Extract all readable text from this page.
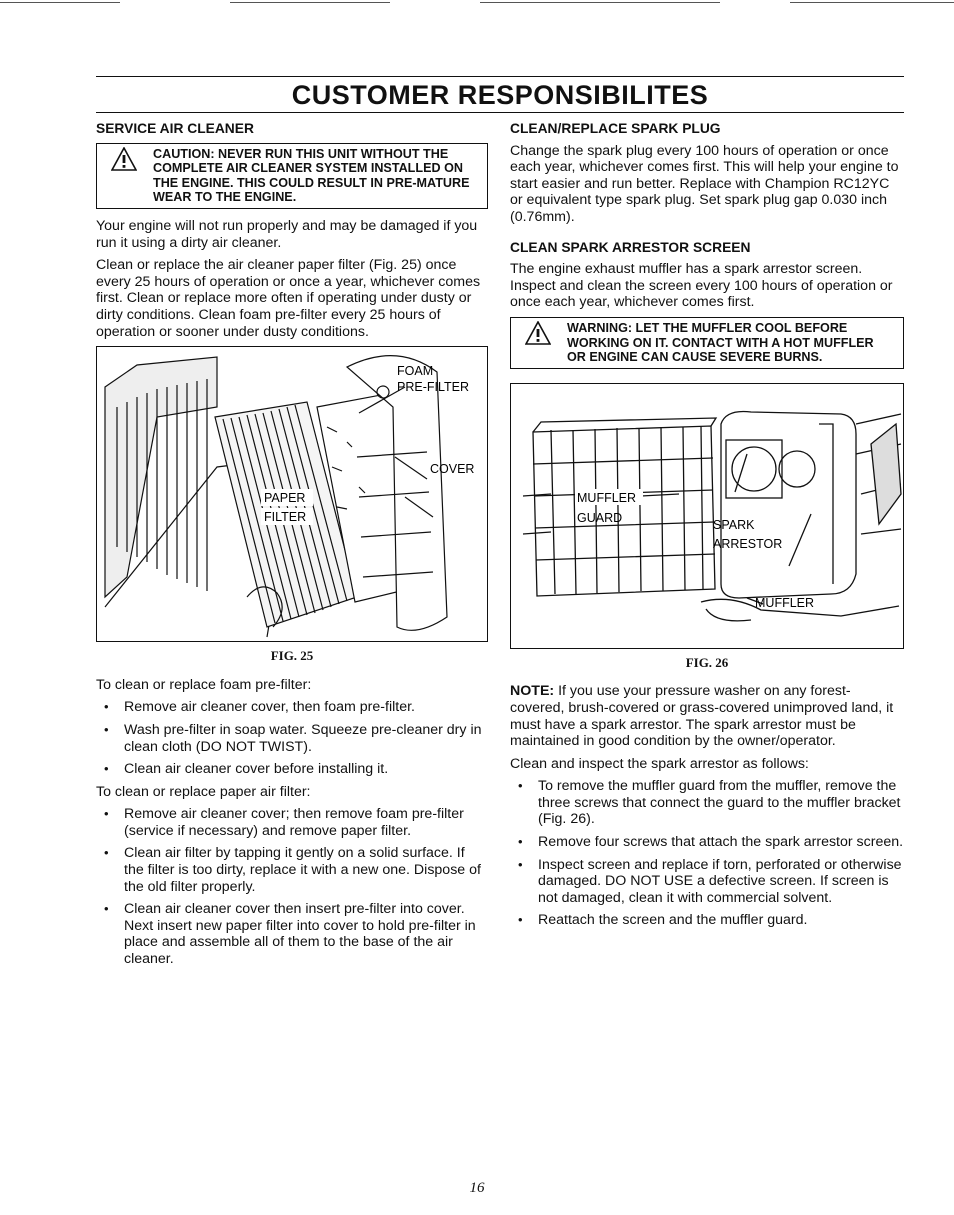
CUSTOMER RESPONSIBILITES
SERVICE AIR CLEANER
CAUTION: NEVER RUN THIS UNIT WITHOUT THE COMPLETE AIR CLEANER SYSTEM INSTALLED ON THE ENGINE. THIS COULD RESULT IN PRE-MATURE WEAR TO THE ENGINE.

Your engine will not run properly and may be damaged if you run it using a dirty air cleaner.

Clean or replace the air cleaner paper filter (Fig. 25) once every 25 hours of operation or once a year, whichever comes first. Clean or replace more often if operating under dusty or dirty conditions. Clean foam pre-filter every 25 hours of operation or sooner under dusty conditions.

FOAM
PRE-FILTER
COVER
PAPER
FILTER
FIG. 25

To clean or replace foam pre-filter:

• Remove air cleaner cover, then foam pre-filter.
• Wash pre-filter in soap water. Squeeze pre-cleaner dry in clean cloth (DO NOT TWIST).
• Clean air cleaner cover before installing it.

To clean or replace paper air filter:

• Remove air cleaner cover; then remove foam pre-filter (service if necessary) and remove paper filter.
• Clean air filter by tapping it gently on a solid surface. If the filter is too dirty, replace it with a new one. Dispose of the old filter properly.
• Clean air cleaner cover then insert pre-filter into cover. Next insert new paper filter into cover to hold pre-filter in place and assemble all of them to the base of the air cleaner.
CLEAN/REPLACE SPARK PLUG

Change the spark plug every 100 hours of operation or once each year, whichever comes first. This will help your engine to start easier and run better. Replace with Champion RC12YC or equivalent type spark plug. Set spark plug gap 0.030 inch (0.76mm).

CLEAN SPARK ARRESTOR SCREEN

The engine exhaust muffler has a spark arrestor screen. Inspect and clean the screen every 100 hours of operation or once each year, whichever comes first.

WARNING: LET THE MUFFLER COOL BEFORE WORKING ON IT. CONTACT WITH A HOT MUFFLER OR ENGINE CAN CAUSE SEVERE BURNS.
MUFFLER
GUARD	SPARK
ARRESTOR
MUFFLER
FIG. 26

NOTE: If you use your pressure washer on any forest-covered, brush-covered or grass-covered unimproved land, it must have a spark arrestor. The spark arrestor must be maintained in good condition by the owner/operator.

Clean and inspect the spark arrestor as follows:

• To remove the muffler guard from the muffler, remove the three screws that connect the guard to the muffler bracket (Fig. 26).
• Remove four screws that attach the spark arrestor screen.
• Inspect screen and replace if torn, perforated or otherwise damaged. DO NOT USE a defective screen. If screen is not damaged, clean it with commercial solvent.
• Reattach the screen and the muffler guard.
16
